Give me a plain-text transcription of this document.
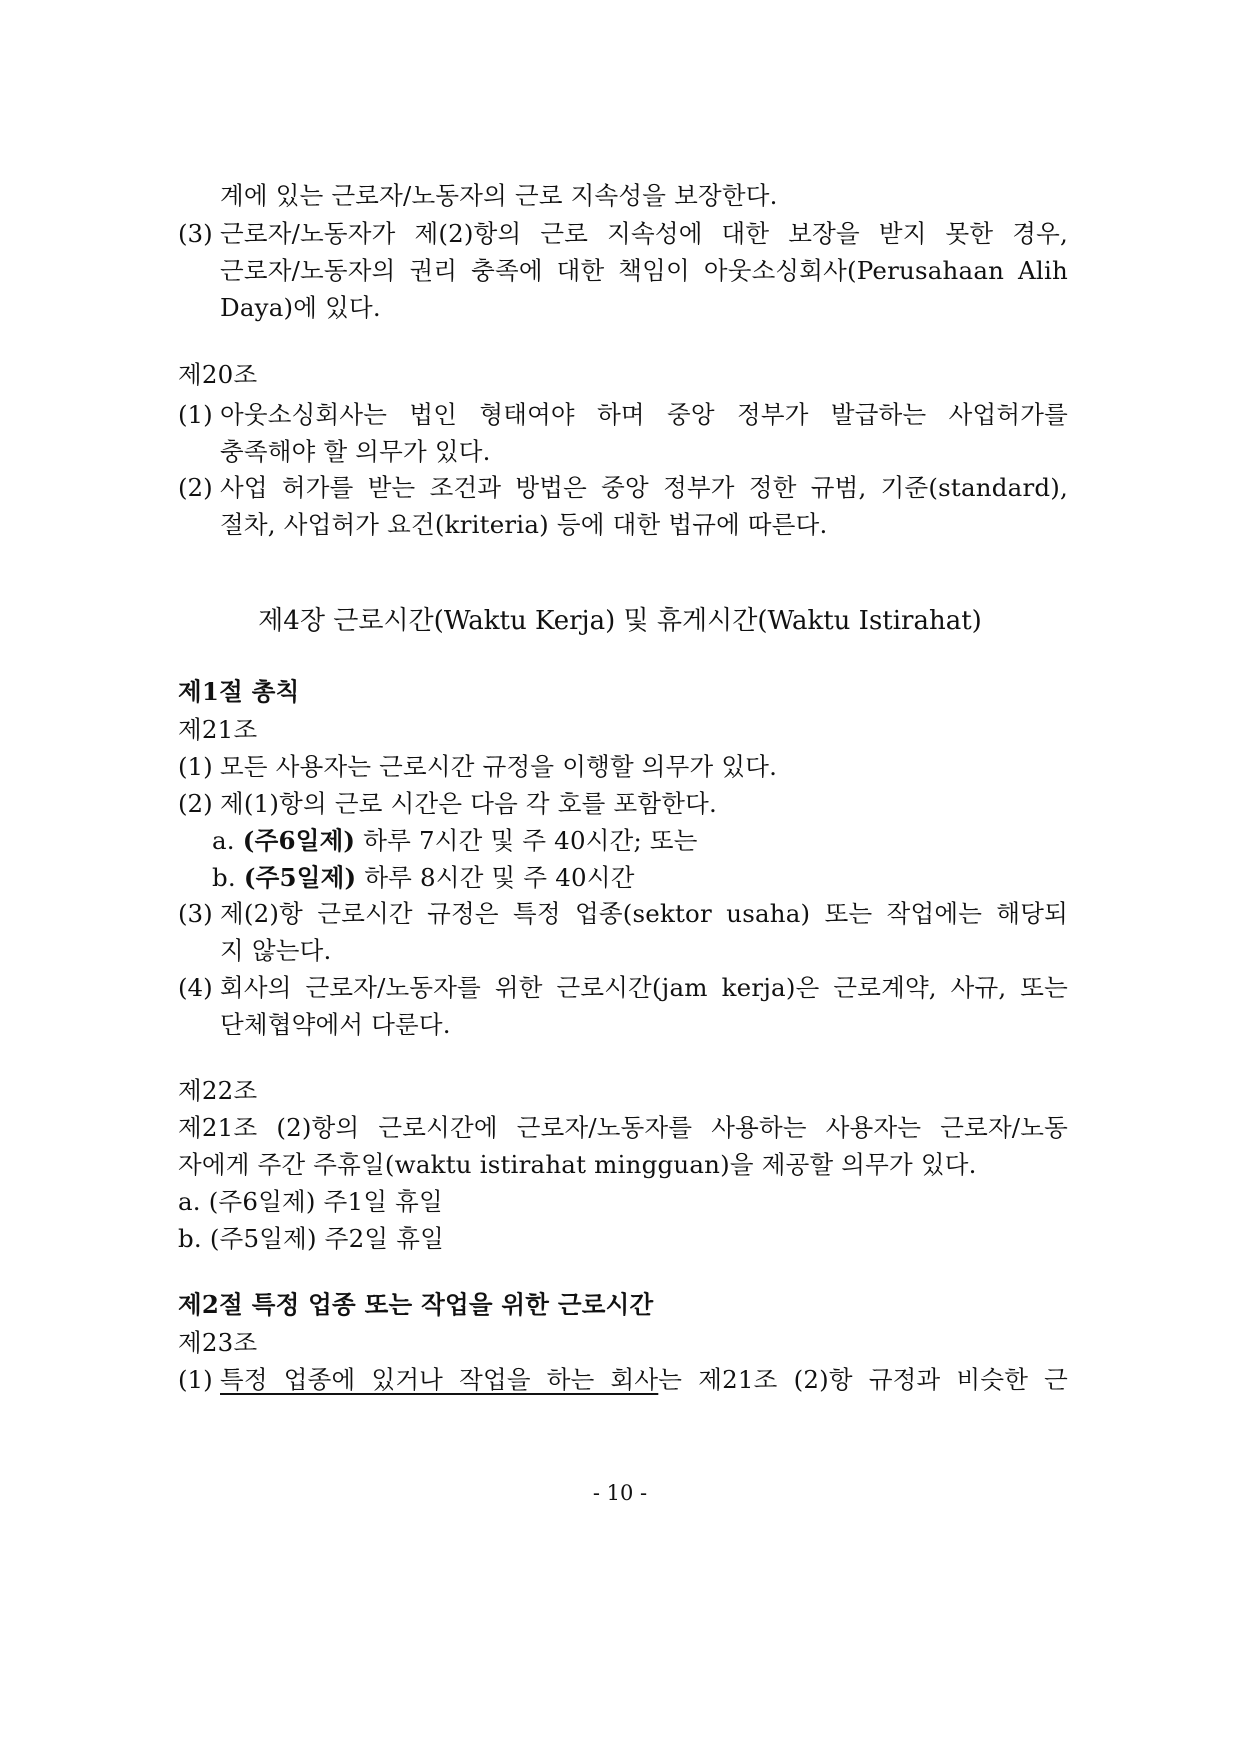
계에 있는 근로자/노동자의 근로 지속성을 보장한다.
(3) 근로자/노동자가 제(2)항의 근로 지속성에 대한 보장을 받지 못한 경우,
근로자/노동자의 권리 충족에 대한 책임이 아웃소싱회사(Perusahaan Alih
Daya)에 있다.
제20조
(1) 아웃소싱회사는 법인 형태여야 하며 중앙 정부가 발급하는 사업허가를
충족해야 할 의무가 있다.
(2) 사업 허가를 받는 조건과 방법은 중앙 정부가 정한 규범, 기준(standard),
절차, 사업허가 요건(kriteria) 등에 대한 법규에 따른다.
제4장 근로시간(Waktu Kerja) 및 휴게시간(Waktu Istirahat)
제1절 총칙
제21조
(1) 모든 사용자는 근로시간 규정을 이행할 의무가 있다.
(2) 제(1)항의 근로 시간은 다음 각 호를 포함한다.
a. (주6일제) 하루 7시간 및 주 40시간; 또는
b. (주5일제) 하루 8시간 및 주 40시간
(3) 제(2)항 근로시간 규정은 특정 업종(sektor usaha) 또는 작업에는 해당되
지 않는다.
(4) 회사의 근로자/노동자를 위한 근로시간(jam kerja)은 근로계약, 사규, 또는
단체협약에서 다룬다.
제22조
제21조 (2)항의 근로시간에 근로자/노동자를 사용하는 사용자는 근로자/노동
자에게 주간 주휴일(waktu istirahat mingguan)을 제공할 의무가 있다.
a. (주6일제) 주1일 휴일
b. (주5일제) 주2일 휴일
제2절 특정 업종 또는 작업을 위한 근로시간
제23조
(1) 특정 업종에 있거나 작업을 하는 회사는 제21조 (2)항 규정과 비슷한 근
- 10 -
